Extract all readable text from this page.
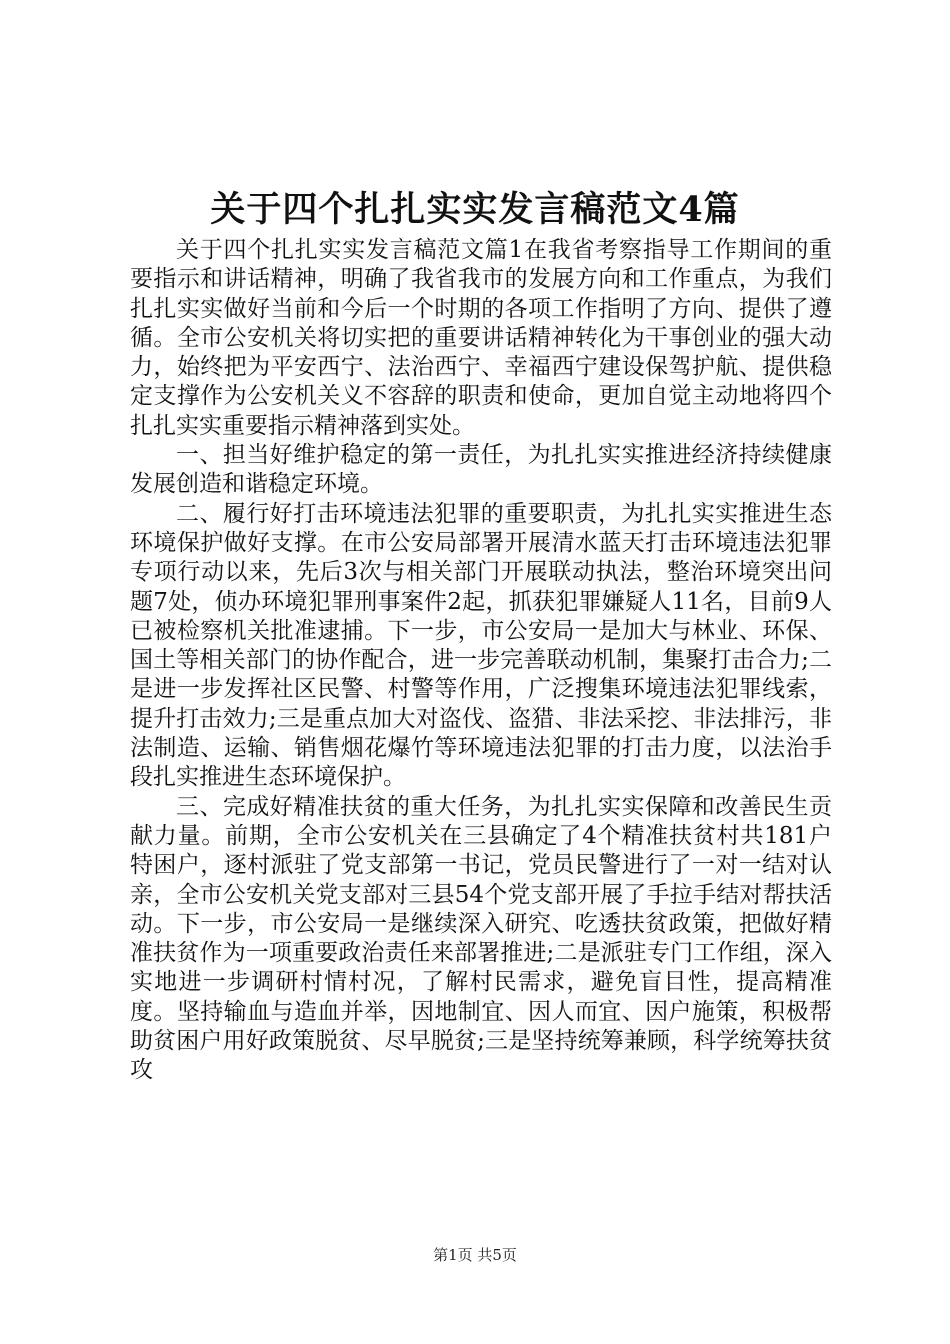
关于四个扎扎实实发言稿范文4篇

关于四个扎扎实实发言稿范文篇1在我省考察指导工作期间的重要指示和讲话精神，明确了我省我市的发展方向和工作重点，为我们扎扎实实做好当前和今后一个时期的各项工作指明了方向、提供了遵循。全市公安机关将切实把的重要讲话精神转化为干事创业的强大动力，始终把为平安西宁、法治西宁、幸福西宁建设保驾护航、提供稳定支撑作为公安机关义不容辞的职责和使命，更加自觉主动地将四个扎扎实实重要指示精神落到实处。

一、担当好维护稳定的第一责任，为扎扎实实推进经济持续健康发展创造和谐稳定环境。

二、履行好打击环境违法犯罪的重要职责，为扎扎实实推进生态环境保护做好支撑。在市公安局部署开展清水蓝天打击环境违法犯罪专项行动以来，先后3次与相关部门开展联动执法，整治环境突出问题7处，侦办环境犯罪刑事案件2起，抓获犯罪嫌疑人11名，目前9人已被检察机关批准逮捕。下一步，市公安局一是加大与林业、环保、国土等相关部门的协作配合，进一步完善联动机制，集聚打击合力;二是进一步发挥社区民警、村警等作用，广泛搜集环境违法犯罪线索，提升打击效力;三是重点加大对盗伐、盗猎、非法采挖、非法排污，非法制造、运输、销售烟花爆竹等环境违法犯罪的打击力度，以法治手段扎实推进生态环境保护。

三、完成好精准扶贫的重大任务，为扎扎实实保障和改善民生贡献力量。前期，全市公安机关在三县确定了4个精准扶贫村共181户特困户，逐村派驻了党支部第一书记，党员民警进行了一对一结对认亲，全市公安机关党支部对三县54个党支部开展了手拉手结对帮扶活动。下一步，市公安局一是继续深入研究、吃透扶贫政策，把做好精准扶贫作为一项重要政治责任来部署推进;二是派驻专门工作组，深入实地进一步调研村情村况，了解村民需求，避免盲目性，提高精准度。坚持输血与造血并举，因地制宜、因人而宜、因户施策，积极帮助贫困户用好政策脱贫、尽早脱贫;三是坚持统筹兼顾，科学统筹扶贫攻

第1页 共5页
